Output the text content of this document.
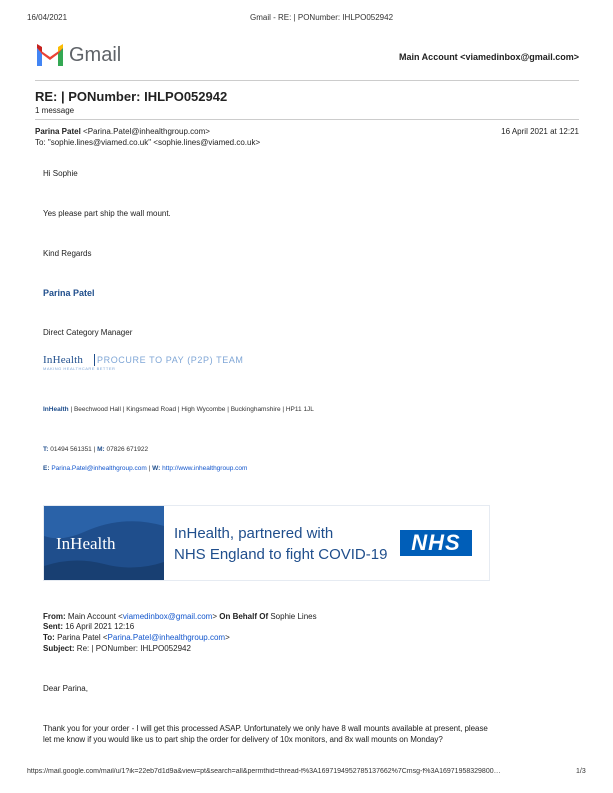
16/04/2021	Gmail - RE: | PONumber: IHLPO052942
Gmail	Main Account <viamedinbox@gmail.com>
RE: | PONumber: IHLPO052942
1 message
Parina Patel <Parina.Patel@inhealthgroup.com>	16 April 2021 at 12:21
To: "sophie.lines@viamed.co.uk" <sophie.lines@viamed.co.uk>
Hi Sophie
Yes please part ship the wall mount.
Kind Regards
Parina Patel
Direct Category Manager
InHealth PROCURE TO PAY (P2P) TEAM
MAKING HEALTHCARE BETTER
InHealth | Beechwood Hall | Kingsmead Road | High Wycombe | Buckinghamshire | HP11 1JL
T: 01494 561351 | M: 07826 671922
E: Parina.Patel@inhealthgroup.com | W: http://www.inhealthgroup.com
InHealth
InHealth, partnered with
NHS England to fight COVID-19	NHS
From: Main Account <viamedinbox@gmail.com> On Behalf Of Sophie Lines
Sent: 16 April 2021 12:16
To: Parina Patel <Parina.Patel@inhealthgroup.com>
Subject: Re: | PONumber: IHLPO052942
Dear Parina,
Thank you for your order - I will get this processed ASAP. Unfortunately we only have 8 wall mounts available at present, please
let me know if you would like us to part ship the order for delivery of 10x monitors, and 8x wall mounts on Monday?
https://mail.google.com/mail/u/1?ik=22eb7d1d9a&view=pt&search=all&permthid=thread-f%3A1697194952785137662%7Cmsg-f%3A16971958329800…	1/3
